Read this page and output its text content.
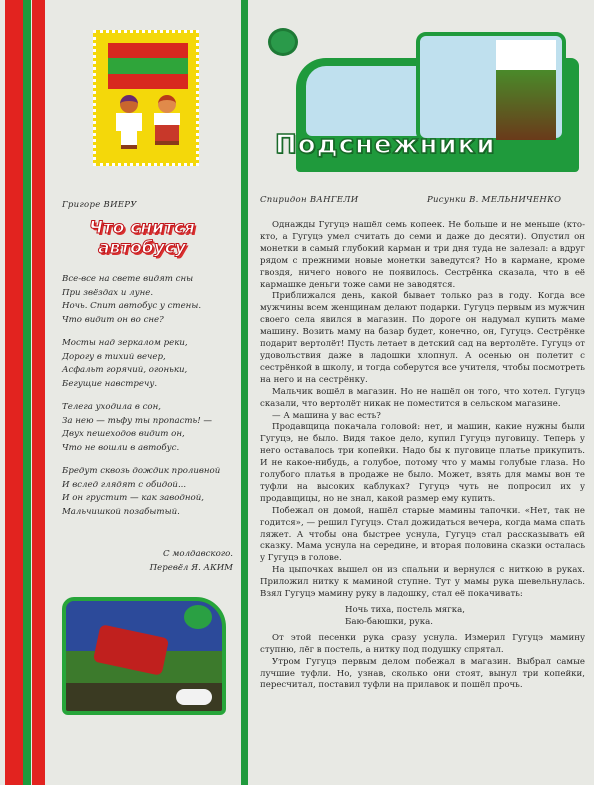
Григоре ВИЕРУ
Что снится автобусу
Все-все на свете видят сны
При звёздах и луне.
Ночь. Спит автобус у стены.
Что видит он во сне?
Мосты над зеркалом реки,
Дорогу в тихий вечер,
Асфальт горячий, огоньки,
Бегущие навстречу.
Телега уходила в сон,
За нею — тьфу ты пропасть! —
Двух пешеходов видит он,
Что не вошли в автобус.
Бредут сквозь дождик проливной
И вслед глядят с обидой...
И он грустит — как заводной,
Мальчишкой позабытый.
С молдавского.
Перевёл Я. АКИМ
Подснежники
Спиридон ВАНГЕЛИ	Рисунки В. МЕЛЬНИЧЕНКО

Однажды Гугуцэ нашёл семь копеек. Не больше и не меньше (кто-кто, а Гугуцэ умел считать до семи и даже до десяти). Опустил он монетки в самый глубокий карман и три дня туда не залезал: а вдруг рядом с прежними новые монетки заведутся? Но в кармане, кроме гвоздя, ничего нового не появилось. Сестрёнка сказала, что в её кармашке деньги тоже сами не заводятся.

Приближался день, какой бывает только раз в году. Когда все мужчины всем женщинам делают подарки. Гугуцэ первым из мужчин своего села явился в магазин. По дороге он надумал купить маме машину. Возить маму на базар будет, конечно, он, Гугуцэ. Сестрёнке подарит вертолёт! Пусть летает в детский сад на вертолёте. Гугуцэ от удовольствия даже в ладошки хлопнул. А осенью он полетит с сестрёнкой в школу, и тогда соберутся все учителя, чтобы посмотреть на него и на сестрёнку.

Мальчик вошёл в магазин. Но не нашёл он того, что хотел. Гугуцэ сказали, что вертолёт никак не поместится в сельском магазине.

— А машина у вас есть?

Продавщица покачала головой: нет, и машин, какие нужны были Гугуцэ, не было. Видя такое дело, купил Гугуцэ пуговицу. Теперь у него оставалось три копейки. Надо бы к пуговице платье прикупить. И не какое-нибудь, а голубое, потому что у мамы голубые глаза. Но голубого платья в продаже не было. Может, взять для мамы вон те туфли на высоких каблуках? Гугуцэ чуть не попросил их у продавщицы, но не знал, какой размер ему купить.

Побежал он домой, нашёл старые мамины тапочки. «Нет, так не годится», — решил Гугуцэ. Стал дожидаться вечера, когда мама спать ляжет. А чтобы она быстрее уснула, Гугуцэ стал рассказывать ей сказку. Мама уснула на середине, и вторая половина сказки осталась у Гугуцэ в голове.

На цыпочках вышел он из спальни и вернулся с ниткою в руках. Приложил нитку к маминой ступне. Тут у мамы рука шевельнулась. Взял Гугуцэ мамину руку в ладошку, стал её покачивать:

Ночь тиха, постель мягка,
Баю-баюшки, рука.

От этой песенки рука сразу уснула. Измерил Гугуцэ мамину ступню, лёг в постель, а нитку под подушку спрятал.

Утром Гугуцэ первым делом побежал в магазин. Выбрал самые лучшие туфли. Но, узнав, сколько они стоят, вынул три копейки, пересчитал, поставил туфли на прилавок и пошёл прочь.
